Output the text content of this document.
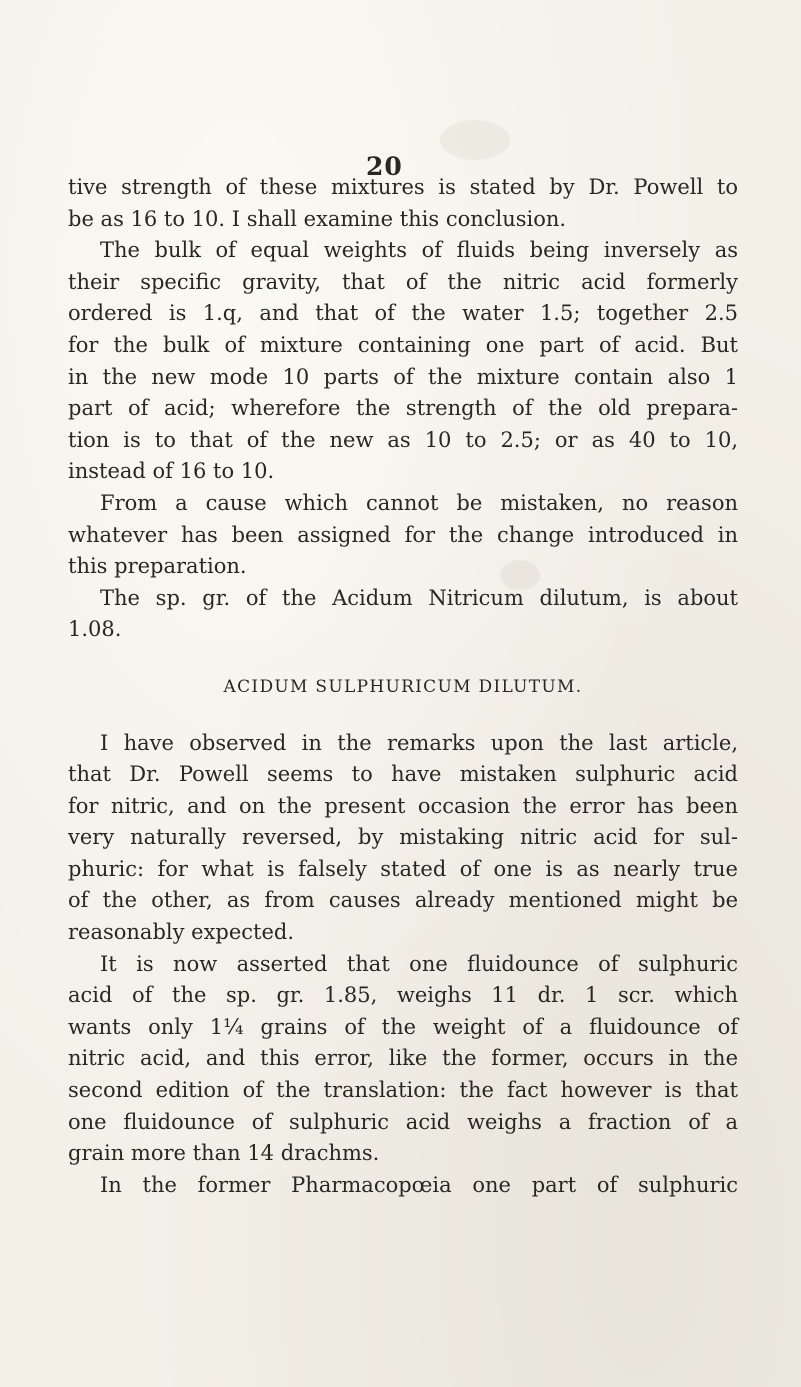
20
tive strength of these mixtures is stated by Dr. Powell to
be as 16 to 10. I shall examine this conclusion.
The bulk of equal weights of fluids being inversely as
their specific gravity, that of the nitric acid formerly
ordered is 1.q, and that of the water 1.5; together 2.5
for the bulk of mixture containing one part of acid. But
in the new mode 10 parts of the mixture contain also 1
part of acid; wherefore the strength of the old prepara-
tion is to that of the new as 10 to 2.5; or as 40 to 10,
instead of 16 to 10.
From a cause which cannot be mistaken, no reason
whatever has been assigned for the change introduced in
this preparation.
The sp. gr. of the Acidum Nitricum dilutum, is about
1.08.
ACIDUM SULPHURICUM DILUTUM.
I have observed in the remarks upon the last article,
that Dr. Powell seems to have mistaken sulphuric acid
for nitric, and on the present occasion the error has been
very naturally reversed, by mistaking nitric acid for sul-
phuric: for what is falsely stated of one is as nearly true
of the other, as from causes already mentioned might be
reasonably expected.
It is now asserted that one fluidounce of sulphuric
acid of the sp. gr. 1.85, weighs 11 dr. 1 scr. which
wants only 1¼ grains of the weight of a fluidounce of
nitric acid, and this error, like the former, occurs in the
second edition of the translation: the fact however is that
one fluidounce of sulphuric acid weighs a fraction of a
grain more than 14 drachms.
In the former Pharmacopœia one part of sulphuric
